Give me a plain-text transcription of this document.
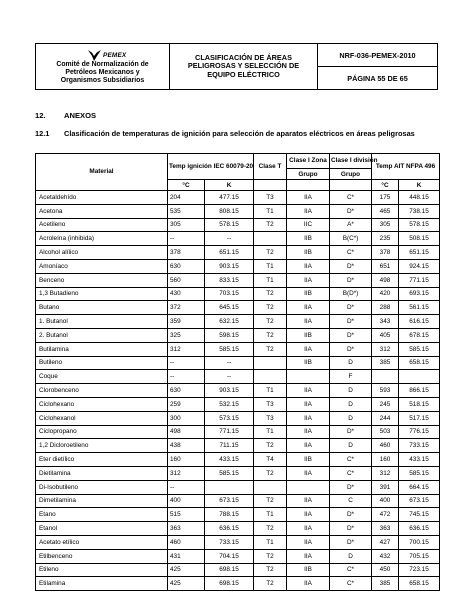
PEMEX
Comité de Normalización de
Petróleos Mexicanos y
Organismos Subsidiarios
CLASIFICACIÓN DE ÁREAS PELIGROSAS Y SELECCIÓN DE EQUIPO ELÉCTRICO
NRF-036-PEMEX-2010
PÁGINA 55 DE 65
12. ANEXOS
12.1 Clasificación de temperaturas de ignición para selección de aparatos eléctricos en áreas peligrosas
Material	Temp ignición IEC 60079-20		Clase T	Clase I Zona	Clase I división	Temp AIT NFPA 496	
				Grupo	Grupo		
	°C	K				°C	K
Acetaldehído	204	477.15	T3	IIA	C*	175	448.15
Acetona	535	808.15	T1	IIA	D*	465	738.15
Acetileno	305	578.15	T2	IIC	A*	305	578.15
Acroleína (inhibida)	--	--		IIB	B(C*)	235	508.15
Alcohol alílico	378	651.15	T2	IIB	C*	378	651.15
Amoníaco	630	903.15	T1	IIA	D*	651	924.15
Benceno	560	833.15	T1	IIA	D*	498	771.15
1,3 Butadieno	430	703.15	T2	IIB	B(D*)	420	693.15
Butano	372	645.15	T2	IIA	D*	288	561.15
1. Butanol	359	632.15	T2	IIA	D*	343	616.15
2. Butanol	325	598.15	T2	IIB	D*	405	678.15
Butilamina	312	585.15	T2	IIA	D*	312	585.15
Butileno	--	--		IIB	D	385	658.15
Coque	--	--			F		
Clorobenceno	630	903.15	T1	IIA	D	593	866.15
Ciclohexano	259	532.15	T3	IIA	D	245	518.15
Ciclohexanol	300	573.15	T3	IIA	D	244	517.15
Ciclopropano	498	771.15	T1	IIA	D*	503	776.15
1,2 Dicloroetileno	438	711.15	T2	IIA	D	460	733.15
Eter dietílico	160	433.15	T4	IIB	C*	160	433.15
Dietilamina	312	585.15	T2	IIA	C*	312	585.15
Di-Isobutileno	--				D*	391	664.15
Dimetilamina	400	673.15	T2	IIA	C	400	673.15
Etano	515	788.15	T1	IIA	D*	472	745.15
Etanol	363	636.15	T2	IIA	D*	363	636.15
Acetato etílico	460	733.15	T1	IIA	D*	427	700.15
Etilbenceno	431	704.15	T2	IIA	D	432	705.15
Etileno	425	698.15	T2	IIB	C*	450	723.15
Etilamina	425	698.15	T2	IIA	C*	385	658.15
